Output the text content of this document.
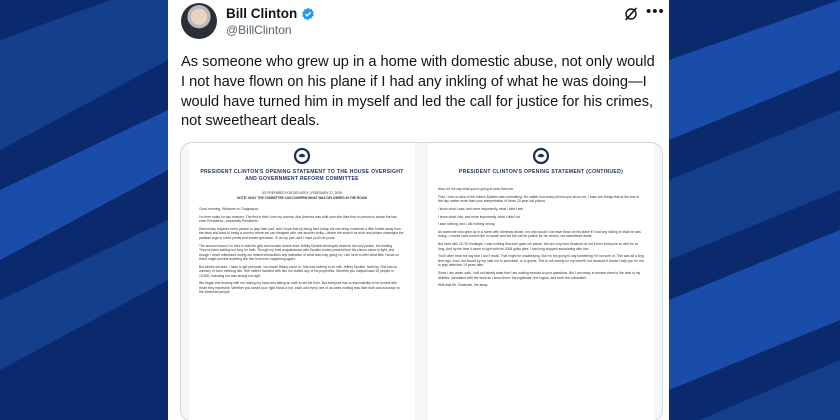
Bill Clinton
@BillClinton
•••

As someone who grew up in a home with domestic abuse, not only would I not have flown on his plane if I had any inkling of what he was doing—I would have turned him in myself and led the call for justice for his crimes, not sweetheart deals.

PRESIDENT CLINTON'S OPENING STATEMENT TO THE HOUSE OVERSIGHT AND GOVERNMENT REFORM COMMITTEE

AS PREPARED FOR DELIVERY | FEBRUARY 27, 2026

NOTE: ONLY THE COMMITTEE CAN CONFIRM WHAT WAS DELIVERED IN THE ROOM

Good morning. Welcome to Chappaqua.

I'm here today for two reasons. The first is that I love my country. And America was built upon the idea that no person is above the law, even Presidents—especially Presidents.

Democracy requires every person to play their part, and I hope that by being here today, we can bring ourselves a little further away from the brink and back to being a country where we can disagree with one another civilly—where the search for truth and justice outweighs the partisan urge to score points and create spectacle. I'll do my part, and I hope you'll do yours.

The second reason I'm here is that the girls and women whose lives Jeffrey Epstein destroyed deserve not only justice, but healing. They've been waiting too long for both. Though my brief acquaintance with Epstein ended years before his crimes came to light, and though I never witnessed during our limited interactions any indication of what was truly going on, I am here to offer what little I know so that it might prevent anything like this from ever happening again.

But before we start, I have to get personal. You made Hillary come in. She had nothing to do with Jeffrey Epstein. Nothing. She has no memory of even meeting him. She neither traveled with him nor visited any of his properties. Whether you subpoenaed 10 people or 10,000, including her was simply not right.

We began this hearing with me raising my hand and taking an oath to tell the truth. But everyone has a responsibility to be honest with those they represent. Whether you raised your right hand or not, each and every one of us owes nothing less than truth and accuracy to the American people.

PRESIDENT CLINTON'S OPENING STATEMENT (CONTINUED)

Now, let me say what you're going to hear from me.

First, I had no idea of the crimes Epstein was committing. No matter how many photos you show me, I have two things that at the end of the day matter more than your interpretation of those 20-year-old photos.

I know what I saw, and more importantly, what I didn't see.

I know what I did, and more importantly, what I didn't do.

I saw nothing, and I did nothing wrong.

As someone who grew up in a home with domestic abuse, not only would I not have flown on his plane if I had any inkling of what he was doing—I would have turned him in myself and led the call for justice for his crimes, not sweetheart deals.

But even with 20 /20 hindsight, I saw nothing that ever gave me pause. We are only here because he hid it from everyone so well for so long. And by the time it came to light with his 2008 guilty plea, I had long stopped associating with him.

You'll often hear me say that I don't recall. That might be unsatisfying. But I'm not going to say something I'm not sure of. This was all a long time ago. And I am bound by my oath not to speculate, or to guess. This is not merely for my benefit, but because it doesn't help you for me to play detective 24 years later.

Since I am under oath, I will not falsely state that I am looking forward to your questions. But I am ready to answer them to the best of my abilities, consistent with the facts as I know them: the legitimate, the logical, and even the outlandish.

With that Mr. Chairman, fire away.
